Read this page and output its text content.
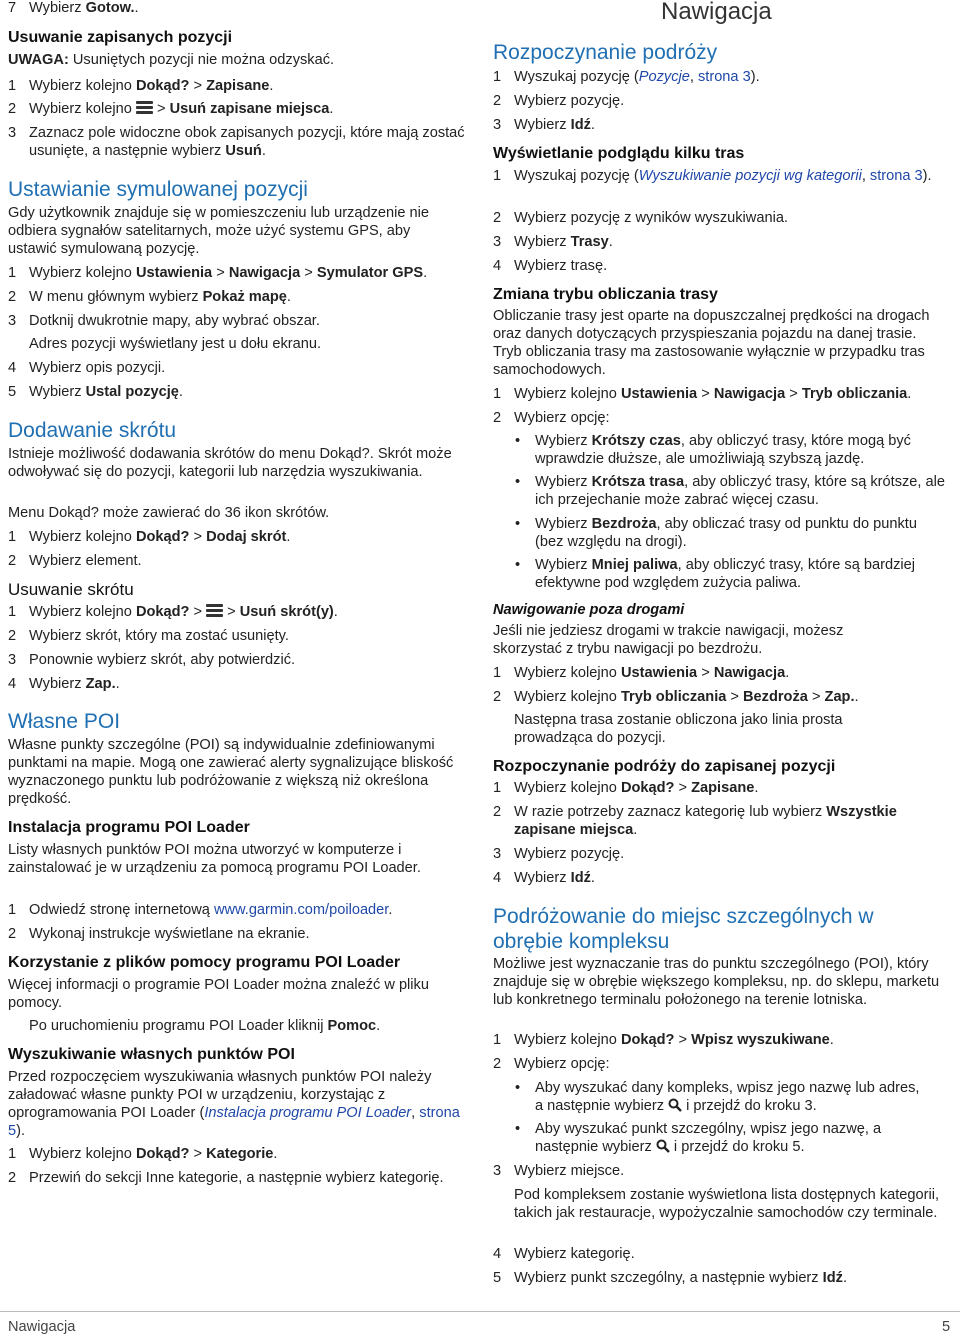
7 Wybierz Gotow..

Usuwanie zapisanych pozycji

UWAGA: Usuniętych pozycji nie można odzyskać.

1 Wybierz kolejno Dokąd? > Zapisane.

2 Wybierz kolejno
> Usuń zapisane miejsca.

3 Zaznacz pole widoczne obok zapisanych pozycji, które mają zostać usunięte, a następnie wybierz Usuń.

Ustawianie symulowanej pozycji

Gdy użytkownik znajduje się w pomieszczeniu lub urządzenie nie odbiera sygnałów satelitarnych, może użyć systemu GPS, aby ustawić symulowaną pozycję.

1 Wybierz kolejno Ustawienia > Nawigacja > Symulator GPS.

2 W menu głównym wybierz Pokaż mapę.

3 Dotknij dwukrotnie mapy, aby wybrać obszar.

Adres pozycji wyświetlany jest u dołu ekranu.

4 Wybierz opis pozycji.

5 Wybierz Ustal pozycję.

Dodawanie skrótu

Istnieje możliwość dodawania skrótów do menu Dokąd?. Skrót może odwoływać się do pozycji, kategorii lub narzędzia wyszukiwania.

Menu Dokąd? może zawierać do 36 ikon skrótów.

1 Wybierz kolejno Dokąd? > Dodaj skrót.

2 Wybierz element.

Usuwanie skrótu

1 Wybierz kolejno Dokąd? >
> Usuń skrót(y).

2 Wybierz skrót, który ma zostać usunięty.

3 Ponownie wybierz skrót, aby potwierdzić.

4 Wybierz Zap..

Własne POI

Własne punkty szczególne (POI) są indywidualnie zdefiniowanymi punktami na mapie. Mogą one zawierać alerty sygnalizujące bliskość wyznaczonego punktu lub podróżowanie z większą niż określona prędkość.

Instalacja programu POI Loader

Listy własnych punktów POI można utworzyć w komputerze i zainstalować je w urządzeniu za pomocą programu POI Loader.

1 Odwiedź stronę internetową www.garmin.com/poiloader.

2 Wykonaj instrukcje wyświetlane na ekranie.

Korzystanie z plików pomocy programu POI Loader

Więcej informacji o programie POI Loader można znaleźć w pliku pomocy.

Po uruchomieniu programu POI Loader kliknij Pomoc.

Wyszukiwanie własnych punktów POI

Przed rozpoczęciem wyszukiwania własnych punktów POI należy załadować własne punkty POI w urządzeniu, korzystając z oprogramowania POI Loader (Instalacja programu POI Loader, strona 5).

1 Wybierz kolejno Dokąd? > Kategorie.

2 Przewiń do sekcji Inne kategorie, a następnie wybierz kategorię.

Nawigacja

Rozpoczynanie podróży

1 Wyszukaj pozycję (Pozycje, strona 3).

2 Wybierz pozycję.

3 Wybierz Idź.

Wyświetlanie podglądu kilku tras

1 Wyszukaj pozycję (Wyszukiwanie pozycji wg kategorii, strona 3).

2 Wybierz pozycję z wyników wyszukiwania.

3 Wybierz Trasy.

4 Wybierz trasę.

Zmiana trybu obliczania trasy

Obliczanie trasy jest oparte na dopuszczalnej prędkości na drogach oraz danych dotyczących przyspieszania pojazdu na danej trasie. Tryb obliczania trasy ma zastosowanie wyłącznie w przypadku tras samochodowych.

1 Wybierz kolejno Ustawienia > Nawigacja > Tryb obliczania.

2 Wybierz opcję:

• Wybierz Krótszy czas, aby obliczyć trasy, które mogą być wprawdzie dłuższe, ale umożliwiają szybszą jazdę.

• Wybierz Krótsza trasa, aby obliczyć trasy, które są krótsze, ale ich przejechanie może zabrać więcej czasu.

• Wybierz Bezdroża, aby obliczać trasy od punktu do punktu (bez względu na drogi).

• Wybierz Mniej paliwa, aby obliczyć trasy, które są bardziej efektywne pod względem zużycia paliwa.

Nawigowanie poza drogami

Jeśli nie jedziesz drogami w trakcie nawigacji, możesz skorzystać z trybu nawigacji po bezdrożu.

1 Wybierz kolejno Ustawienia > Nawigacja.

2 Wybierz kolejno Tryb obliczania > Bezdroża > Zap..

Następna trasa zostanie obliczona jako linia prosta prowadząca do pozycji.

Rozpoczynanie podróży do zapisanej pozycji

1 Wybierz kolejno Dokąd? > Zapisane.

2 W razie potrzeby zaznacz kategorię lub wybierz Wszystkie zapisane miejsca.

3 Wybierz pozycję.

4 Wybierz Idź.

Podróżowanie do miejsc szczególnych w obrębie kompleksu

Możliwe jest wyznaczanie tras do punktu szczególnego (POI), który znajduje się w obrębie większego kompleksu, np. do sklepu, marketu lub konkretnego terminalu położonego na terenie lotniska.

1 Wybierz kolejno Dokąd? > Wpisz wyszukiwane.

2 Wybierz opcję:

• Aby wyszukać dany kompleks, wpisz jego nazwę lub adres, a następnie wybierz  i przejdź do kroku 3.

• Aby wyszukać punkt szczególny, wpisz jego nazwę, a następnie wybierz  i przejdź do kroku 5.

3 Wybierz miejsce.

Pod kompleksem zostanie wyświetlona lista dostępnych kategorii, takich jak restauracje, wypożyczalnie samochodów czy terminale.

4 Wybierz kategorię.

5 Wybierz punkt szczególny, a następnie wybierz Idź.

Nawigacja	5
